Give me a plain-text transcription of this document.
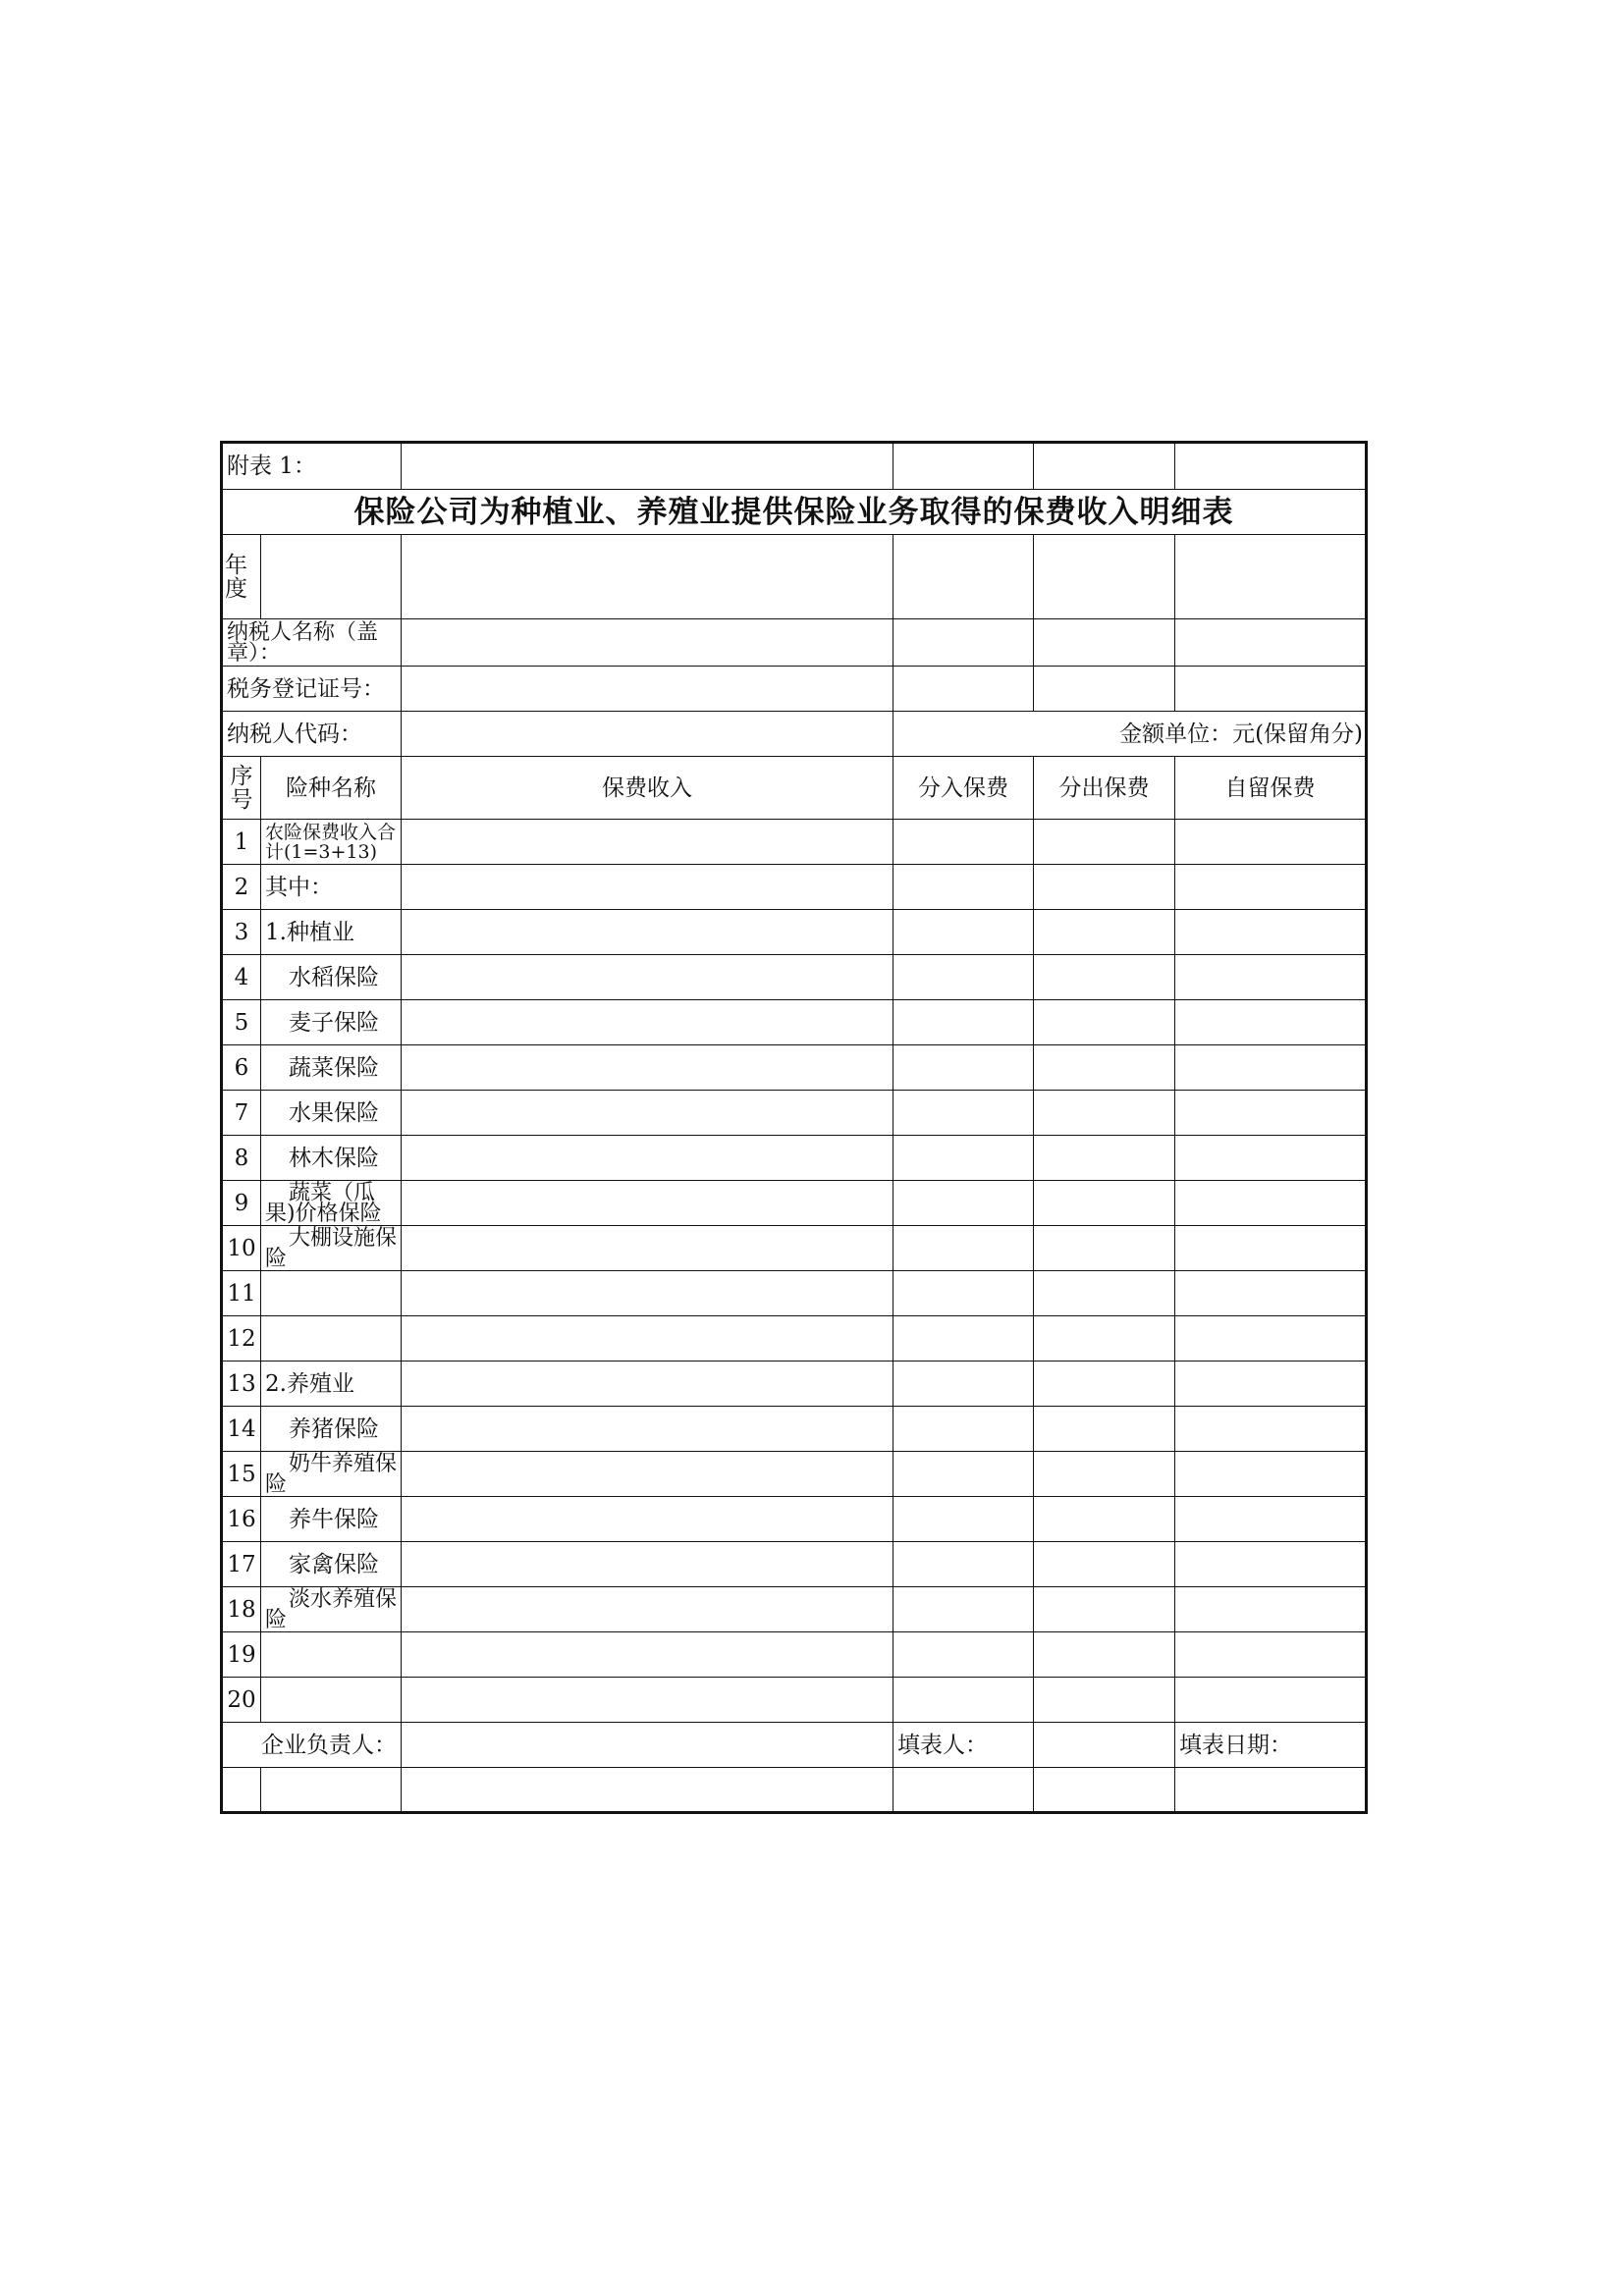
附表 1：					
保险公司为种植业、养殖业提供保险业务取得的保费收入明细表					
年度					
纳税人名称（盖章）：					
税务登记证号：					
纳税人代码：			金额单位：元(保留角分)		
序号	险种名称	保费收入	分入保费	分出保费	自留保费
1	农险保费收入合计(1=3+13)				
2	其中：				
3	1.种植业				
4	水稻保险				
5	麦子保险				
6	蔬菜保险				
7	水果保险				
8	林木保险				
9	蔬菜（瓜果)价格保险				
10	大棚设施保险				
11					
12					
13	2.养殖业				
14	养猪保险				
15	奶牛养殖保险				
16	养牛保险				
17	家禽保险				
18	淡水养殖保险				
19					
20					
企业负责人：			填表人：		填表日期：
